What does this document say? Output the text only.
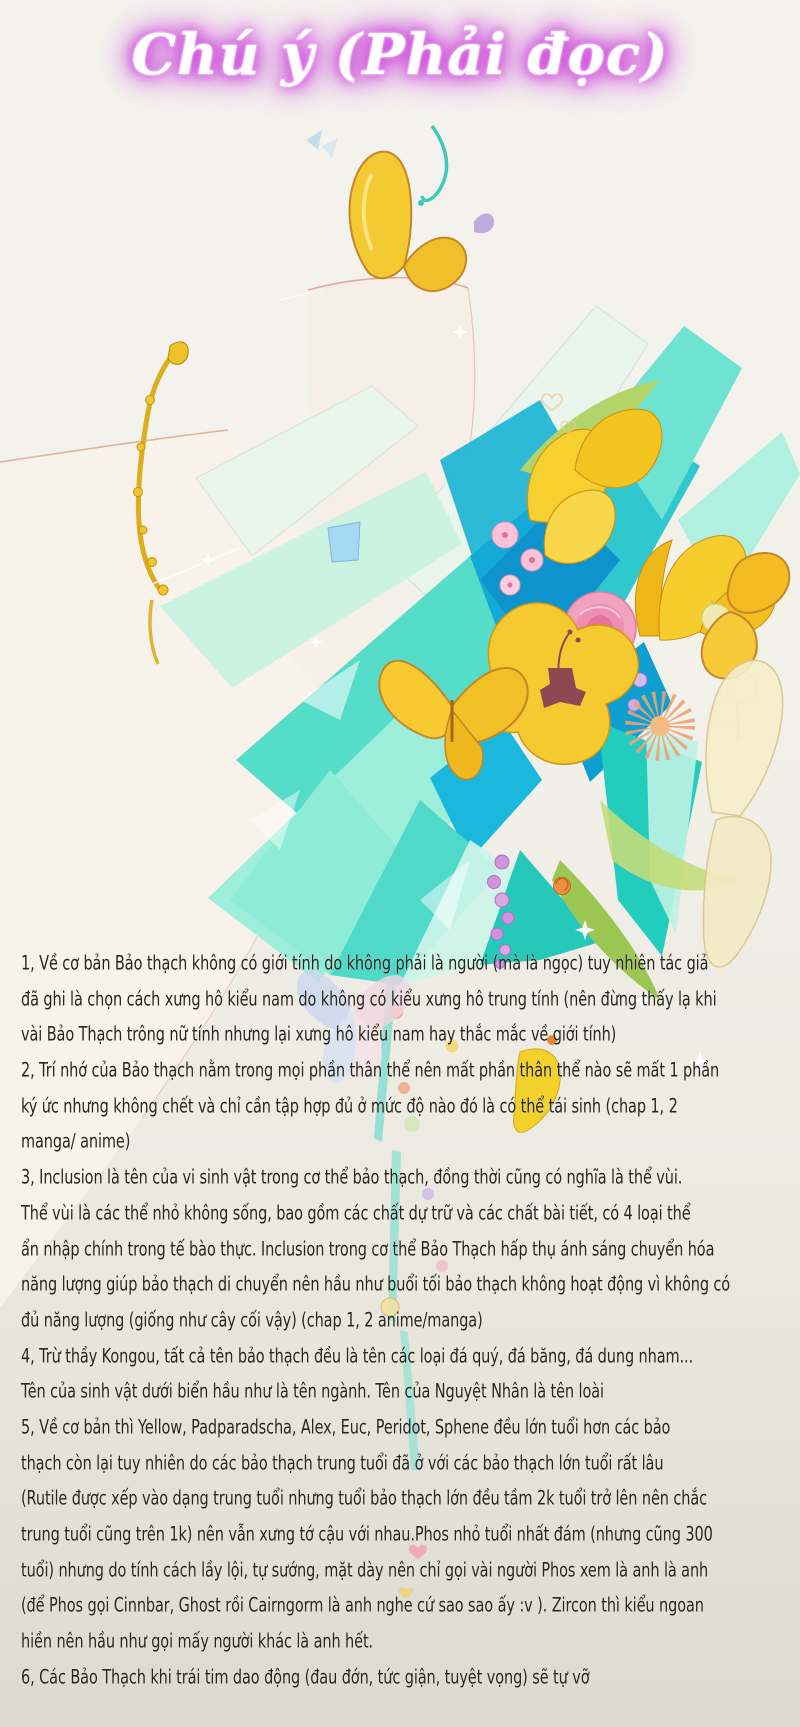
Chú ý (Phải đọc)
1, Về cơ bản Bảo thạch không có giới tính do không phải là người (mà là ngọc) tuy nhiên tác giả
đã ghi là chọn cách xưng hô kiểu nam do không có kiểu xưng hô trung tính (nên đừng thấy lạ khi
vài Bảo Thạch trông nữ tính nhưng lại xưng hô kiểu nam hay thắc mắc về giới tính)
2, Trí nhớ của Bảo thạch nằm trong mọi phần thân thể nên mất phần thân thể nào sẽ mất 1 phần
ký ức nhưng không chết và chỉ cần tập hợp đủ ở mức độ nào đó là có thể tái sinh (chap 1, 2
manga/ anime)
3, Inclusion là tên của vi sinh vật trong cơ thể bảo thạch, đồng thời cũng có nghĩa là thể vùi.
Thể vùi là các thể nhỏ không sống, bao gồm các chất dự trữ và các chất bài tiết, có 4 loại thể
ẩn nhập chính trong tế bào thực. Inclusion trong cơ thể Bảo Thạch hấp thụ ánh sáng chuyển hóa
năng lượng giúp bảo thạch di chuyển nên hầu như buổi tối bảo thạch không hoạt động vì không có
đủ năng lượng (giống như cây cối vậy) (chap 1, 2 anime/manga)
4, Trừ thầy Kongou, tất cả tên bảo thạch đều là tên các loại đá quý, đá băng, đá dung nham...
Tên của sinh vật dưới biển hầu như là tên ngành. Tên của Nguyệt Nhân là tên loài
5, Về cơ bản thì Yellow, Padparadscha, Alex, Euc, Peridot, Sphene đều lớn tuổi hơn các bảo
thạch còn lại tuy nhiên do các bảo thạch trung tuổi đã ở với các bảo thạch lớn tuổi rất lâu
(Rutile được xếp vào dạng trung tuổi nhưng tuổi bảo thạch lớn đều tầm 2k tuổi trở lên nên chắc
trung tuổi cũng trên 1k) nên vẫn xưng tớ cậu với nhau.Phos nhỏ tuổi nhất đám (nhưng cũng 300
tuổi) nhưng do tính cách lầy lội, tự sướng, mặt dày nên chỉ gọi vài người Phos xem là anh là anh
(để Phos gọi Cinnbar, Ghost rồi Cairngorm là anh nghe cứ sao sao ấy :v ). Zircon thì kiểu ngoan
hiền nên hầu như gọi mấy người khác là anh hết.
6, Các Bảo Thạch khi trái tim dao động (đau đớn, tức giận, tuyệt vọng) sẽ tự vỡ
